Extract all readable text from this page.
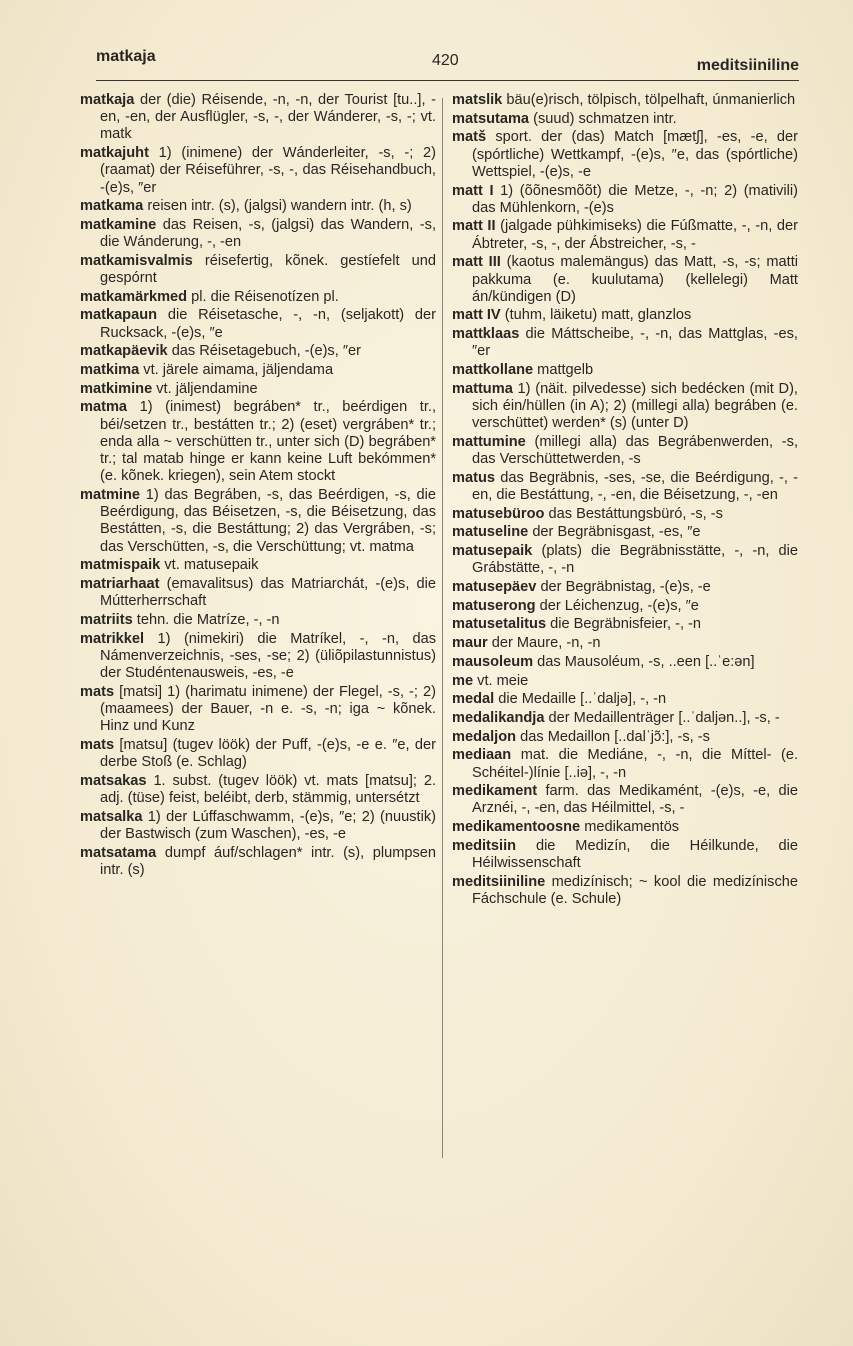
matkaja	420	meditsiiniline

matkaja der (die) Réisende, -n, -n, der Tourist [tu..], -en, -en, der Ausflügler, -s, -, der Wánderer, -s, -; vt. matk

matkajuht 1) (inimene) der Wánderleiter, -s, -; 2) (raamat) der Réiseführer, -s, -, das Réisehandbuch, -(e)s, ″er

matkama reisen intr. (s), (jalgsi) wandern intr. (h, s)

matkamine das Reisen, -s, (jalgsi) das Wandern, -s, die Wánderung, -, -en

matkamisvalmis réisefertig, kõnek. gestíefelt und gespórnt

matkamärkmed pl. die Réisenotízen pl.

matkapaun die Réisetasche, -, -n, (seljakott) der Rucksack, -(e)s, ″e

matkapäevik das Réisetagebuch, -(e)s, ″er

matkima vt. järele aimama, jäljendama

matkimine vt. jäljendamine

matma 1) (inimest) begráben* tr., beérdigen tr., béi/setzen tr., bestátten tr.; 2) (eset) vergráben* tr.; enda alla ~ verschütten tr., unter sich (D) begráben* tr.; tal matab hinge er kann keine Luft bekómmen* (e. kõnek. kriegen), sein Atem stockt

matmine 1) das Begráben, -s, das Beérdigen, -s, die Beérdigung, das Béisetzen, -s, die Béisetzung, das Bestátten, -s, die Bestáttung; 2) das Vergráben, -s; das Verschütten, -s, die Verschüttung; vt. matma

matmispaik vt. matusepaik

matriarhaat (emavalitsus) das Matriarchát, -(e)s, die Mútterherrschaft

matriits tehn. die Matríze, -, -n

matrikkel 1) (nimekiri) die Matríkel, -, -n, das Námenverzeichnis, -ses, -se; 2) (üliõpilastunnistus) der Studéntenausweis, -es, -e

mats [matsi] 1) (harimatu inimene) der Flegel, -s, -; 2) (maamees) der Bauer, -n e. -s, -n; iga ~ kõnek. Hinz und Kunz

mats [matsu] (tugev löök) der Puff, -(e)s, -e e. ″e, der derbe Stoß (e. Schlag)

matsakas 1. subst. (tugev löök) vt. mats [matsu]; 2. adj. (tüse) feist, beléibt, derb, stämmig, untersétzt

matsalka 1) der Lúffaschwamm, -(e)s, ″e; 2) (nuustik) der Bastwisch (zum Waschen), -es, -e

matsatama dumpf áuf/schlagen* intr. (s), plumpsen intr. (s)

matslik bäu(e)risch, tölpisch, tölpelhaft, únmanierlich

matsutama (suud) schmatzen intr.

matš sport. der (das) Match [mætʃ], -es, -e, der (spórtliche) Wettkampf, -(e)s, ″e, das (spórtliche) Wettspiel, -(e)s, -e

matt I 1) (õõnesmõõt) die Metze, -, -n; 2) (mativili) das Mühlenkorn, -(e)s

matt II (jalgade pühkimiseks) die Fúßmatte, -, -n, der Ábtreter, -s, -, der Ábstreicher, -s, -

matt III (kaotus malemängus) das Matt, -s, -s; matti pakkuma (e. kuulutama) (kellelegi) Matt án/kündigen (D)

matt IV (tuhm, läiketu) matt, glanzlos

mattklaas die Máttscheibe, -, -n, das Mattglas, -es, ″er

mattkollane mattgelb

mattuma 1) (näit. pilvedesse) sich bedécken (mit D), sich éin/hüllen (in A); 2) (millegi alla) begráben (e. verschüttet) werden* (s) (unter D)

mattumine (millegi alla) das Begrábenwerden, -s, das Verschüttetwerden, -s

matus das Begräbnis, -ses, -se, die Beérdigung, -, -en, die Bestáttung, -, -en, die Béisetzung, -, -en

matusebüroo das Bestáttungsbüró, -s, -s

matuseline der Begräbnisgast, -es, ″e

matusepaik (plats) die Begräbnisstätte, -, -n, die Grábstätte, -, -n

matusepäev der Begräbnistag, -(e)s, -e

matuserong der Léichenzug, -(e)s, ″e

matusetalitus die Begräbnisfeier, -, -n

maur der Maure, -n, -n

mausoleum das Mausoléum, -s, ..een [..ˈe:ən]

me vt. meie

medal die Medaille [..ˈdaljə], -, -n

medalikandja der Medaillenträger [..ˈdaljən..], -s, -

medaljon das Medaillon [..dalˈjɔ̃:], -s, -s

mediaan mat. die Mediáne, -, -n, die Míttel- (e. Schéitel-)línie [..iə], -, -n

medikament farm. das Medikamént, -(e)s, -e, die Arznéi, -, -en, das Héilmittel, -s, -

medikamentoosne medikamentös

meditsiin die Medizín, die Héilkunde, die Héilwissenschaft

meditsiiniline medizínisch; ~ kool die medizínische Fáchschule (e. Schule)
